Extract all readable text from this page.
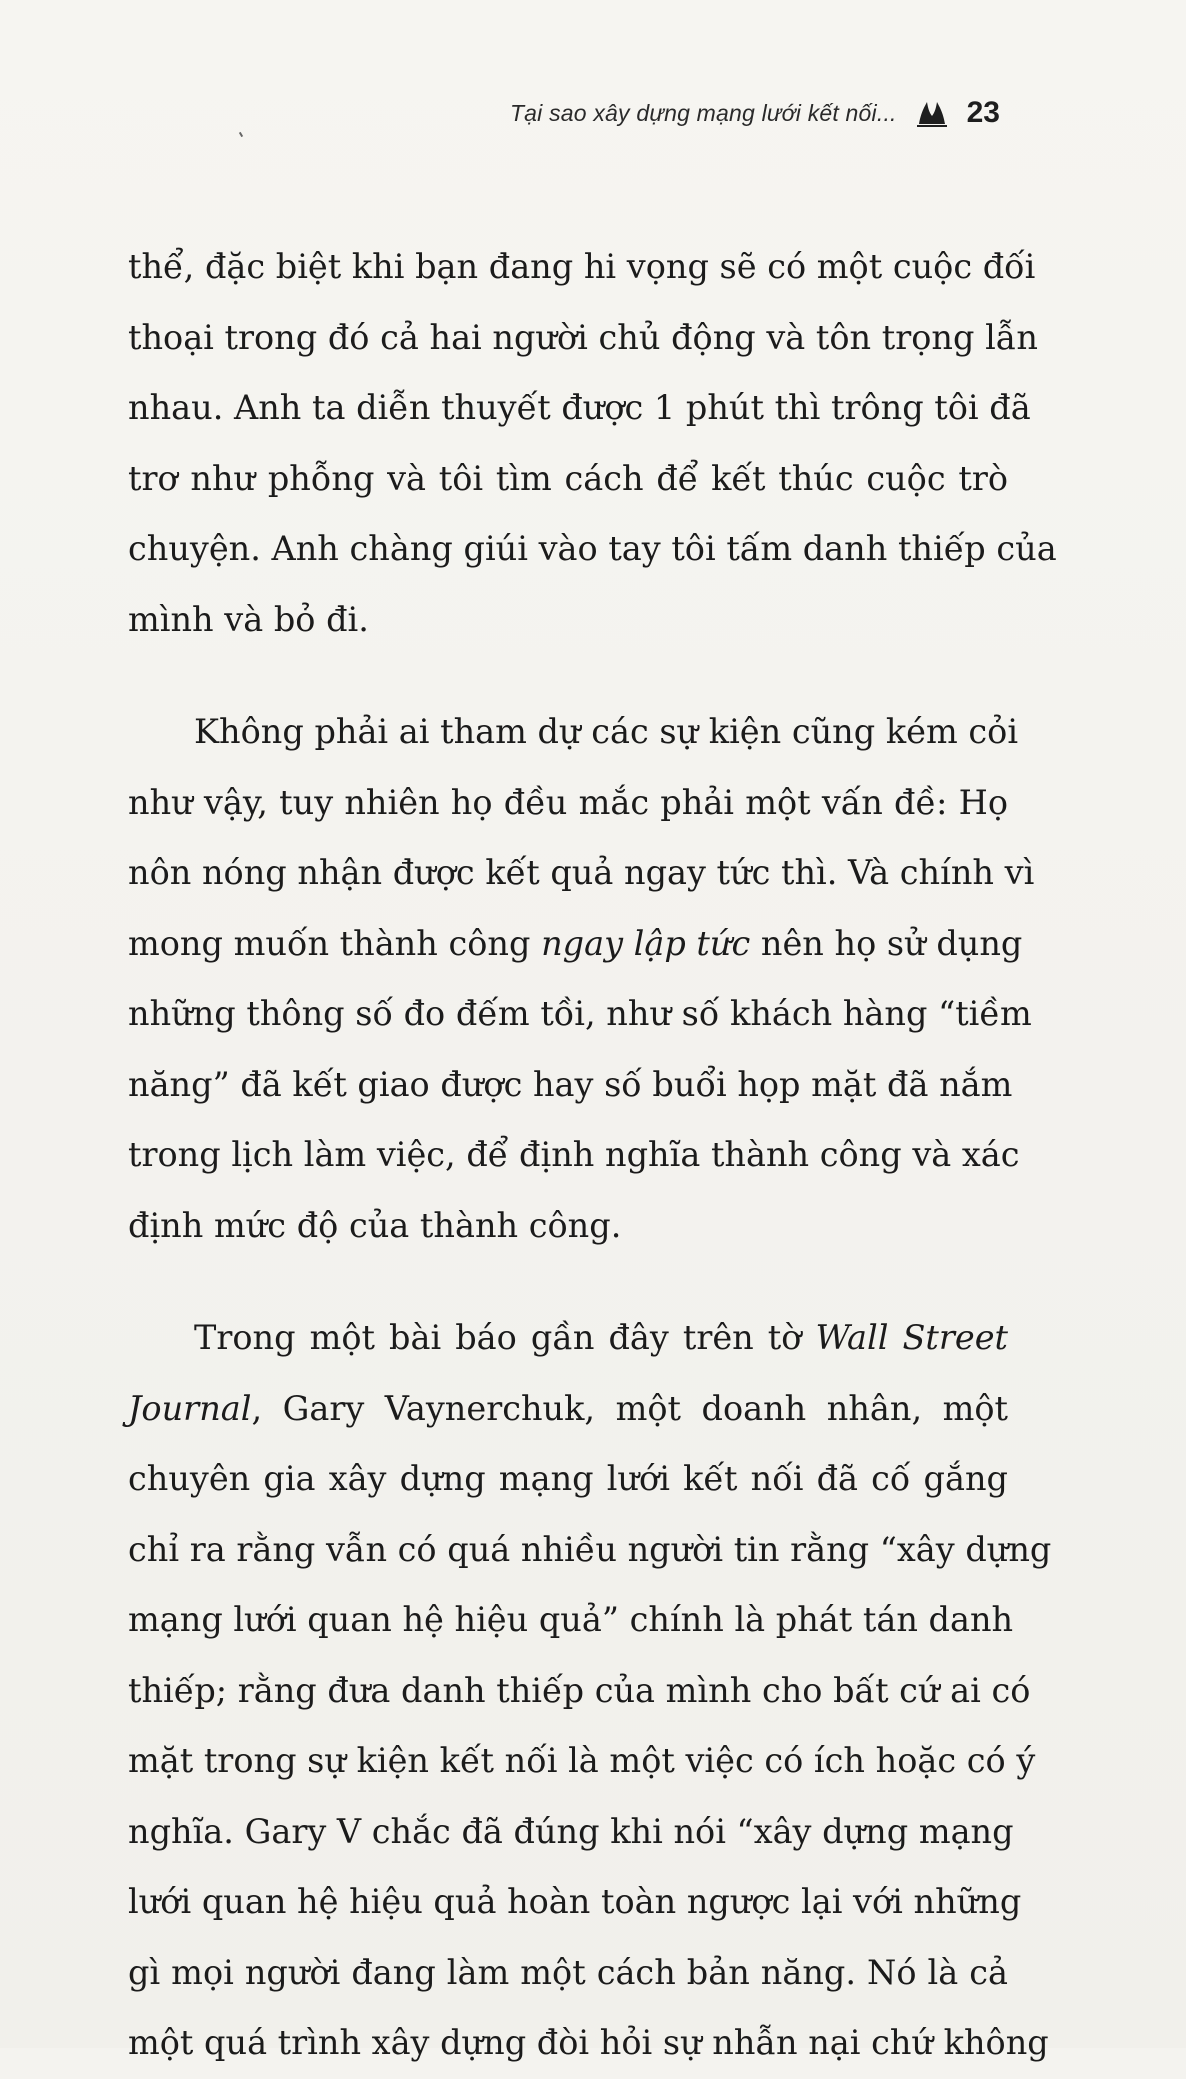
Tại sao xây dựng mạng lưới kết nối... 23
thể, đặc biệt khi bạn đang hi vọng sẽ có một cuộc đối
thoại trong đó cả hai người chủ động và tôn trọng lẫn
nhau. Anh ta diễn thuyết được 1 phút thì trông tôi đã
trơ như phỗng và tôi tìm cách để kết thúc cuộc trò
chuyện. Anh chàng giúi vào tay tôi tấm danh thiếp của
mình và bỏ đi.
Không phải ai tham dự các sự kiện cũng kém cỏi
như vậy, tuy nhiên họ đều mắc phải một vấn đề: Họ
nôn nóng nhận được kết quả ngay tức thì. Và chính vì
mong muốn thành công ngay lập tức nên họ sử dụng
những thông số đo đếm tồi, như số khách hàng “tiềm
năng” đã kết giao được hay số buổi họp mặt đã nắm
trong lịch làm việc, để định nghĩa thành công và xác
định mức độ của thành công.
Trong một bài báo gần đây trên tờ Wall Street
Journal, Gary Vaynerchuk, một doanh nhân, một
chuyên gia xây dựng mạng lưới kết nối đã cố gắng
chỉ ra rằng vẫn có quá nhiều người tin rằng “xây dựng
mạng lưới quan hệ hiệu quả” chính là phát tán danh
thiếp; rằng đưa danh thiếp của mình cho bất cứ ai có
mặt trong sự kiện kết nối là một việc có ích hoặc có ý
nghĩa. Gary V chắc đã đúng khi nói “xây dựng mạng
lưới quan hệ hiệu quả hoàn toàn ngược lại với những
gì mọi người đang làm một cách bản năng. Nó là cả
một quá trình xây dựng đòi hỏi sự nhẫn nại chứ không
